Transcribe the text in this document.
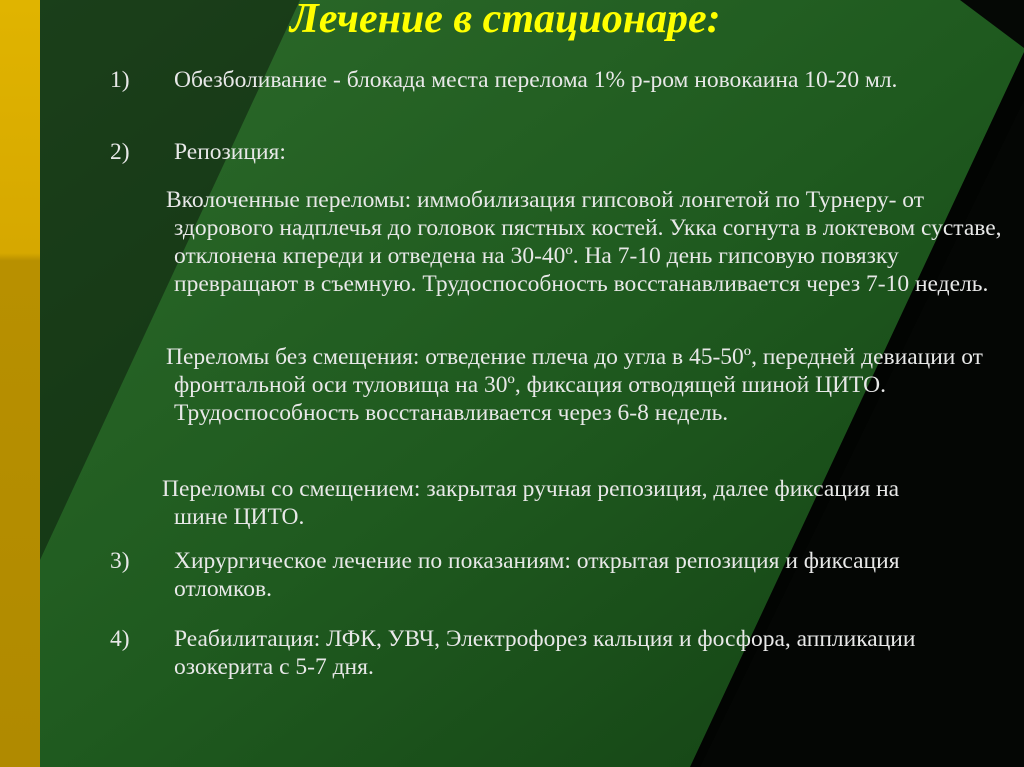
Лечение в стационаре:
1) Обезболивание - блокада места перелома 1% р-ром новокаина 10-20 мл.

2) Репозиция:

Вколоченные переломы: иммобилизация гипсовой лонгетой по Турнеру- от здорового надплечья до головок пястных костей. Укка согнута в локтевом суставе, отклонена кпереди и отведена на 30-40º. На 7-10 день гипсовую повязку превращают в съемную. Трудоспособность восстанавливается через 7-10 недель.

Переломы без смещения: отведение плеча до угла в 45-50º, передней девиации от фронтальной оси туловища на 30º, фиксация отводящей шиной ЦИТО. Трудоспособность восстанавливается через 6-8 недель.

Переломы со смещением: закрытая ручная репозиция, далее фиксация на шине ЦИТО.

3) Хирургическое лечение по показаниям: открытая репозиция и фиксация отломков.

4) Реабилитация: ЛФК, УВЧ, Электрофорез кальция и фосфора, аппликации озокерита с 5-7 дня.
